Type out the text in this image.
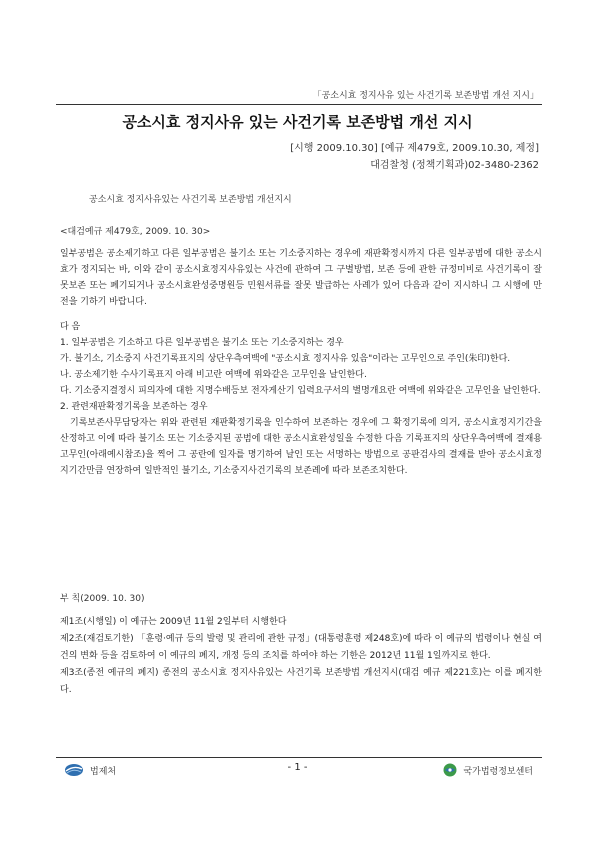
「공소시효 정지사유 있는 사건기록 보존방법 개선 지시」
공소시효 정지사유 있는 사건기록 보존방법 개선 지시
[시행 2009.10.30] [예규 제479호, 2009.10.30, 제정]
대검찰청 (정책기획과)02-3480-2362
공소시효 정지사유있는 사건기록 보존방법 개선지시
<대검예규 제479호, 2009. 10. 30>

일부공범은 공소제기하고 다른 일부공범은 불기소 또는 기소중지하는 경우에 재판확정시까지 다른 일부공범에 대한 공소시효가 정지되는 바, 이와 같이 공소시효정지사유있는 사건에 관하여 그 구별방법, 보존 등에 관한 규정미비로 사건기록이 잘못보존 또는 폐기되거나 공소시효완성중명원등 민원서류를 잘못 발급하는 사례가 있어 다음과 같이 지시하니 그 시행에 만전을 기하기 바랍니다.

다 음

1. 일부공범은 기소하고 다른 일부공범은 불기소 또는 기소중지하는 경우

가. 불기소, 기소중지 사건기록표지의 상단우측여백에 "공소시효 정지사유 있음"이라는 고무인으로 주인(朱印)한다.

나. 공소제기한 수사기록표지 아래 비고란 여백에 위와같은 고무인을 날인한다.

다. 기소중지결정시 피의자에 대한 지명수배등보 전자게산기 입력요구서의 별명개요란 여백에 위와같은 고무인을 날인한다.

2. 관련재판확정기록을 보존하는 경우

기록보존사무담당자는 위와 관련된 재판확정기록을 인수하여 보존하는 경우에 그 확정기록에 의거, 공소시효정지기간을 산정하고 이에 따라 불기소 또는 기소중지된 공범에 대한 공소시효완성일을 수정한 다음 기록표지의 상단우측여백에 결재용 고무인(아래예시참조)을 찍어 그 공란에 일자를 명기하여 날인 또는 서명하는 방법으로 공판검사의 결재를 받아 공소시효정지기간만큼 연장하여 일반적인 불기소, 기소중지사건기록의 보존례에 따라 보존조치한다.

부 칙(2009. 10. 30)

제1조(시행일) 이 예규는 2009년 11월 2일부터 시행한다

제2조(재검토기한) 「훈령·예규 등의 발령 및 관리에 관한 규정」(대통령훈령 제248호)에 따라 이 예규의 법령이나 현실 여건의 변화 등을 검토하여 이 예규의 폐지, 개정 등의 조치를 하여야 하는 기한은 2012년 11월 1일까지로 한다.

제3조(종전 예규의 폐지) 종전의 공소시효 정지사유있는 사건기록 보존방법 개선지시(대검 예규 제221호)는 이를 폐지한다.

법제처	- 1 -	국가법령정보센터
